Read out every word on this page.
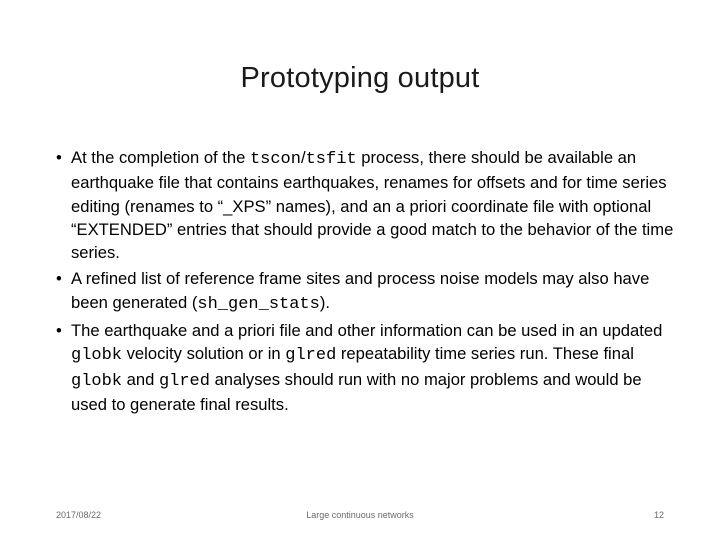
Prototyping output
• At the completion of the tscon/tsfit process, there should be available an earthquake file that contains earthquakes, renames for offsets and for time series editing (renames to “_XPS” names), and an a priori coordinate file with optional “EXTENDED” entries that should provide a good match to the behavior of the time series.
• A refined list of reference frame sites and process noise models may also have been generated (sh_gen_stats).
• The earthquake and a priori file and other information can be used in an updated globk velocity solution or in glred repeatability time series run. These final globk and glred analyses should run with no major problems and would be used to generate final results.
2017/08/22	Large continuous networks	12
